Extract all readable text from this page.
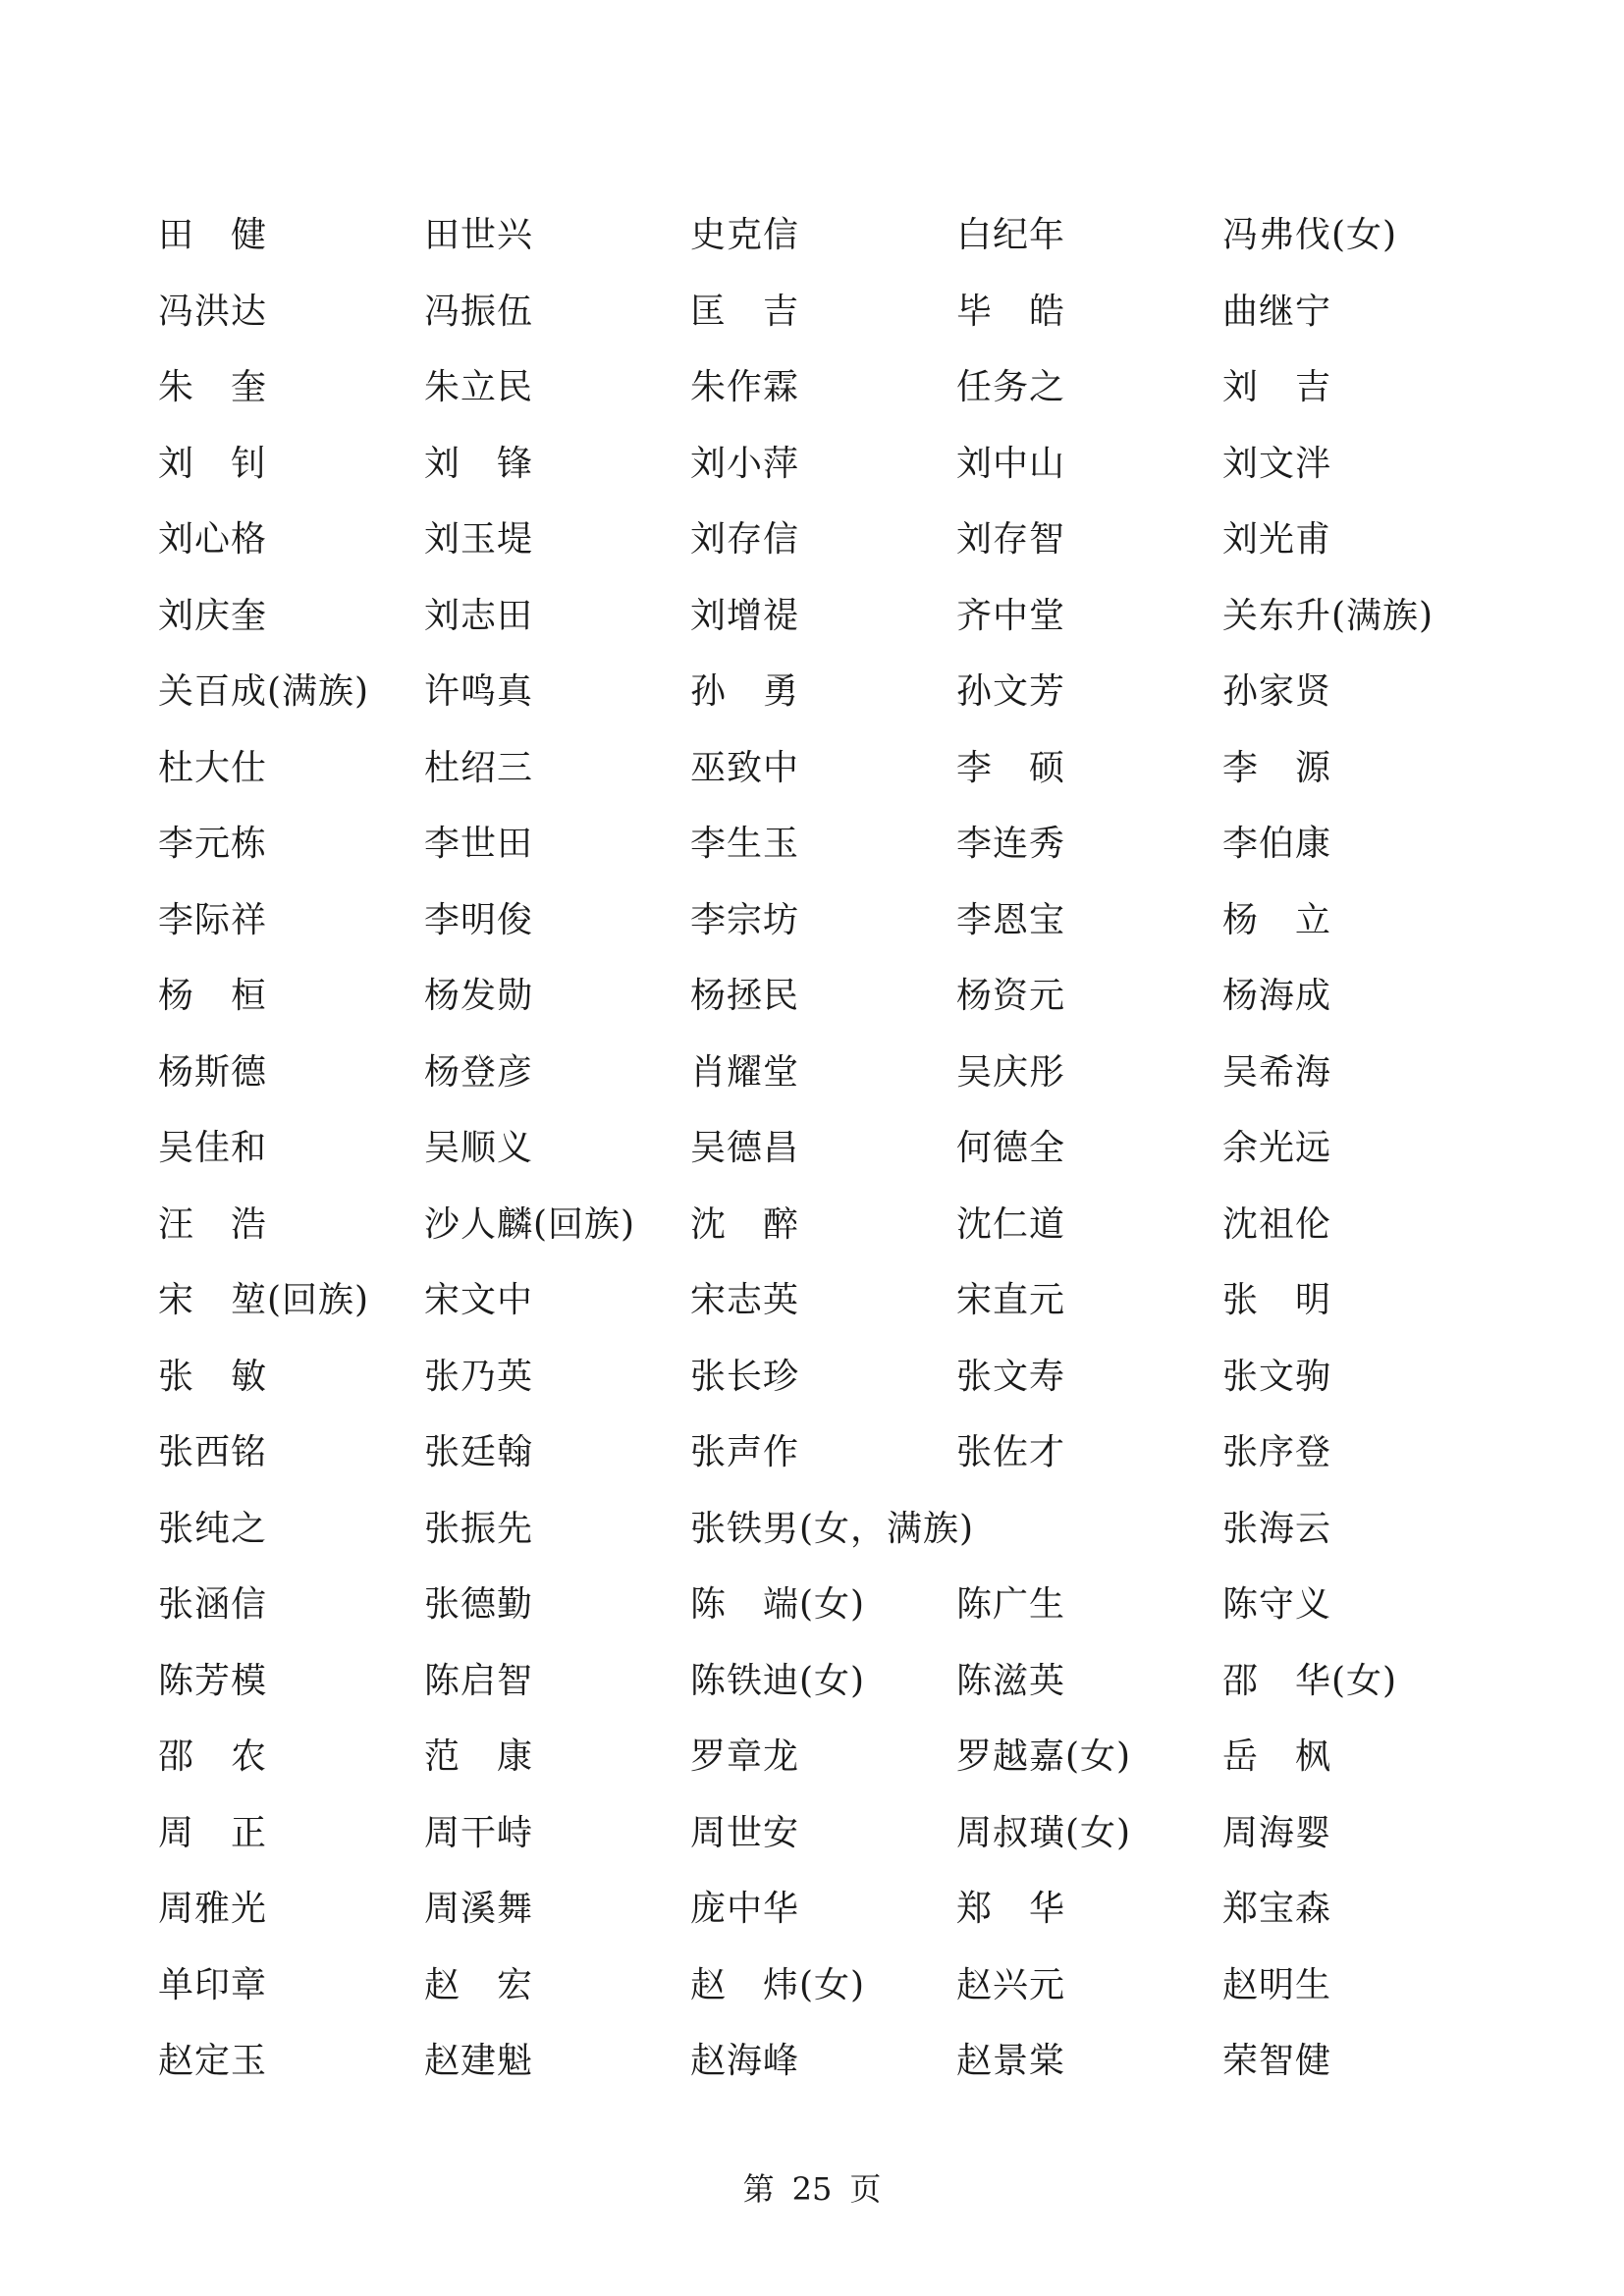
田　健	田世兴	史克信	白纪年	冯弗伐(女)
冯洪达	冯振伍	匡　吉	毕　皓	曲继宁
朱　奎	朱立民	朱作霖	任务之	刘　吉
刘　钊	刘　锋	刘小萍	刘中山	刘文泮
刘心格	刘玉堤	刘存信	刘存智	刘光甫
刘庆奎	刘志田	刘增禔	齐中堂	关东升(满族)
关百成(满族) 许鸣真	孙　勇	孙文芳	孙家贤
杜大仕	杜绍三	巫致中	李　硕	李　源
李元栋	李世田	李生玉	李连秀	李伯康
李际祥	李明俊	李宗坊	李恩宝	杨　立
杨　桓	杨发勋	杨拯民	杨资元	杨海成
杨斯德	杨登彦	肖耀堂	吴庆彤	吴希海
吴佳和	吴顺义	吴德昌	何德全	余光远
汪　浩	沙人麟(回族) 沈　醉	沈仁道	沈祖伦
宋　堃(回族) 宋文中	宋志英	宋直元	张　明
张　敏	张乃英	张长珍	张文寿	张文驹
张西铭	张廷翰	张声作	张佐才	张序登
张纯之	张振先	张铁男(女，满族)	张海云
张涵信	张德勤	陈　端(女)	陈广生	陈守义
陈芳模	陈启智	陈铁迪(女)	陈滋英	邵　华(女)
邵　农	范　康	罗章龙	罗越嘉(女)	岳　枫
周　正	周干峙	周世安	周叔璜(女)	周海婴
周雅光	周溪舞	庞中华	郑　华	郑宝森
单印章	赵　宏	赵　炜(女)	赵兴元	赵明生
赵定玉	赵建魁	赵海峰	赵景棠	荣智健
第 25 页
